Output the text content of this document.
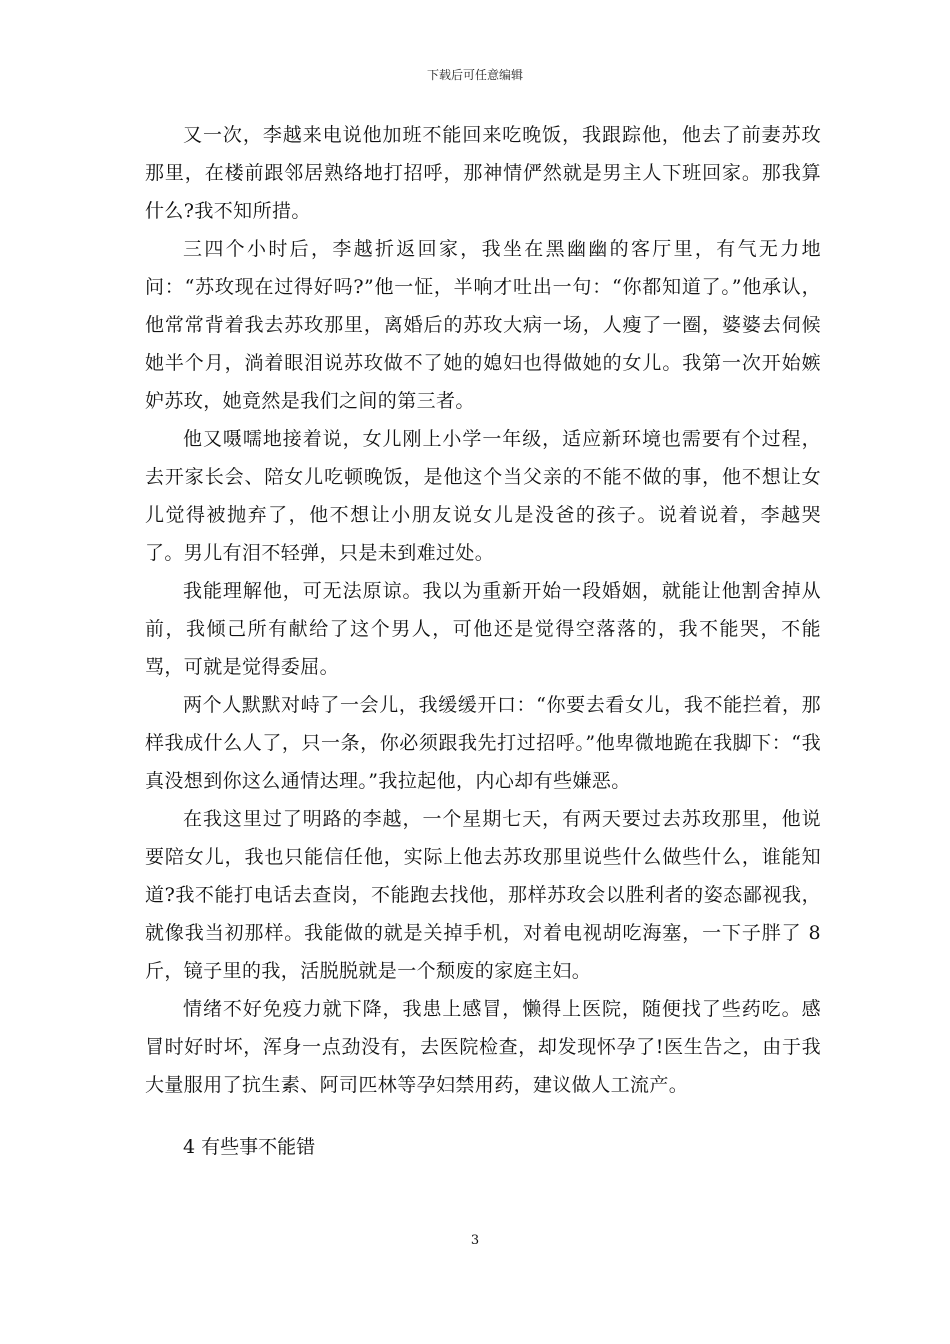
下载后可任意编辑

又一次，李越来电说他加班不能回来吃晚饭，我跟踪他，他去了前妻苏玫那里，在楼前跟邻居熟络地打招呼，那神情俨然就是男主人下班回家。那我算什么?我不知所措。

三四个小时后，李越折返回家，我坐在黑幽幽的客厅里，有气无力地问：“苏玫现在过得好吗?”他一怔，半响才吐出一句：“你都知道了。”他承认，他常常背着我去苏玫那里，离婚后的苏玫大病一场，人瘦了一圈，婆婆去伺候她半个月，淌着眼泪说苏玫做不了她的媳妇也得做她的女儿。我第一次开始嫉妒苏玫，她竟然是我们之间的第三者。

他又嗫嚅地接着说，女儿刚上小学一年级，适应新环境也需要有个过程，去开家长会、陪女儿吃顿晚饭，是他这个当父亲的不能不做的事，他不想让女儿觉得被抛弃了，他不想让小朋友说女儿是没爸的孩子。说着说着，李越哭了。男儿有泪不轻弹，只是未到难过处。

我能理解他，可无法原谅。我以为重新开始一段婚姻，就能让他割舍掉从前，我倾己所有献给了这个男人，可他还是觉得空落落的，我不能哭，不能骂，可就是觉得委屈。

两个人默默对峙了一会儿，我缓缓开口：“你要去看女儿，我不能拦着，那样我成什么人了，只一条，你必须跟我先打过招呼。”他卑微地跪在我脚下：“我真没想到你这么通情达理。”我拉起他，内心却有些嫌恶。

在我这里过了明路的李越，一个星期七天，有两天要过去苏玫那里，他说要陪女儿，我也只能信任他，实际上他去苏玫那里说些什么做些什么，谁能知道?我不能打电话去查岗，不能跑去找他，那样苏玫会以胜利者的姿态鄙视我，就像我当初那样。我能做的就是关掉手机，对着电视胡吃海塞，一下子胖了 8 斤，镜子里的我，活脱脱就是一个颓废的家庭主妇。

情绪不好免疫力就下降，我患上感冒，懒得上医院，随便找了些药吃。感冒时好时坏，浑身一点劲没有，去医院检查，却发现怀孕了!医生告之，由于我大量服用了抗生素、阿司匹林等孕妇禁用药，建议做人工流产。

4 有些事不能错
3
